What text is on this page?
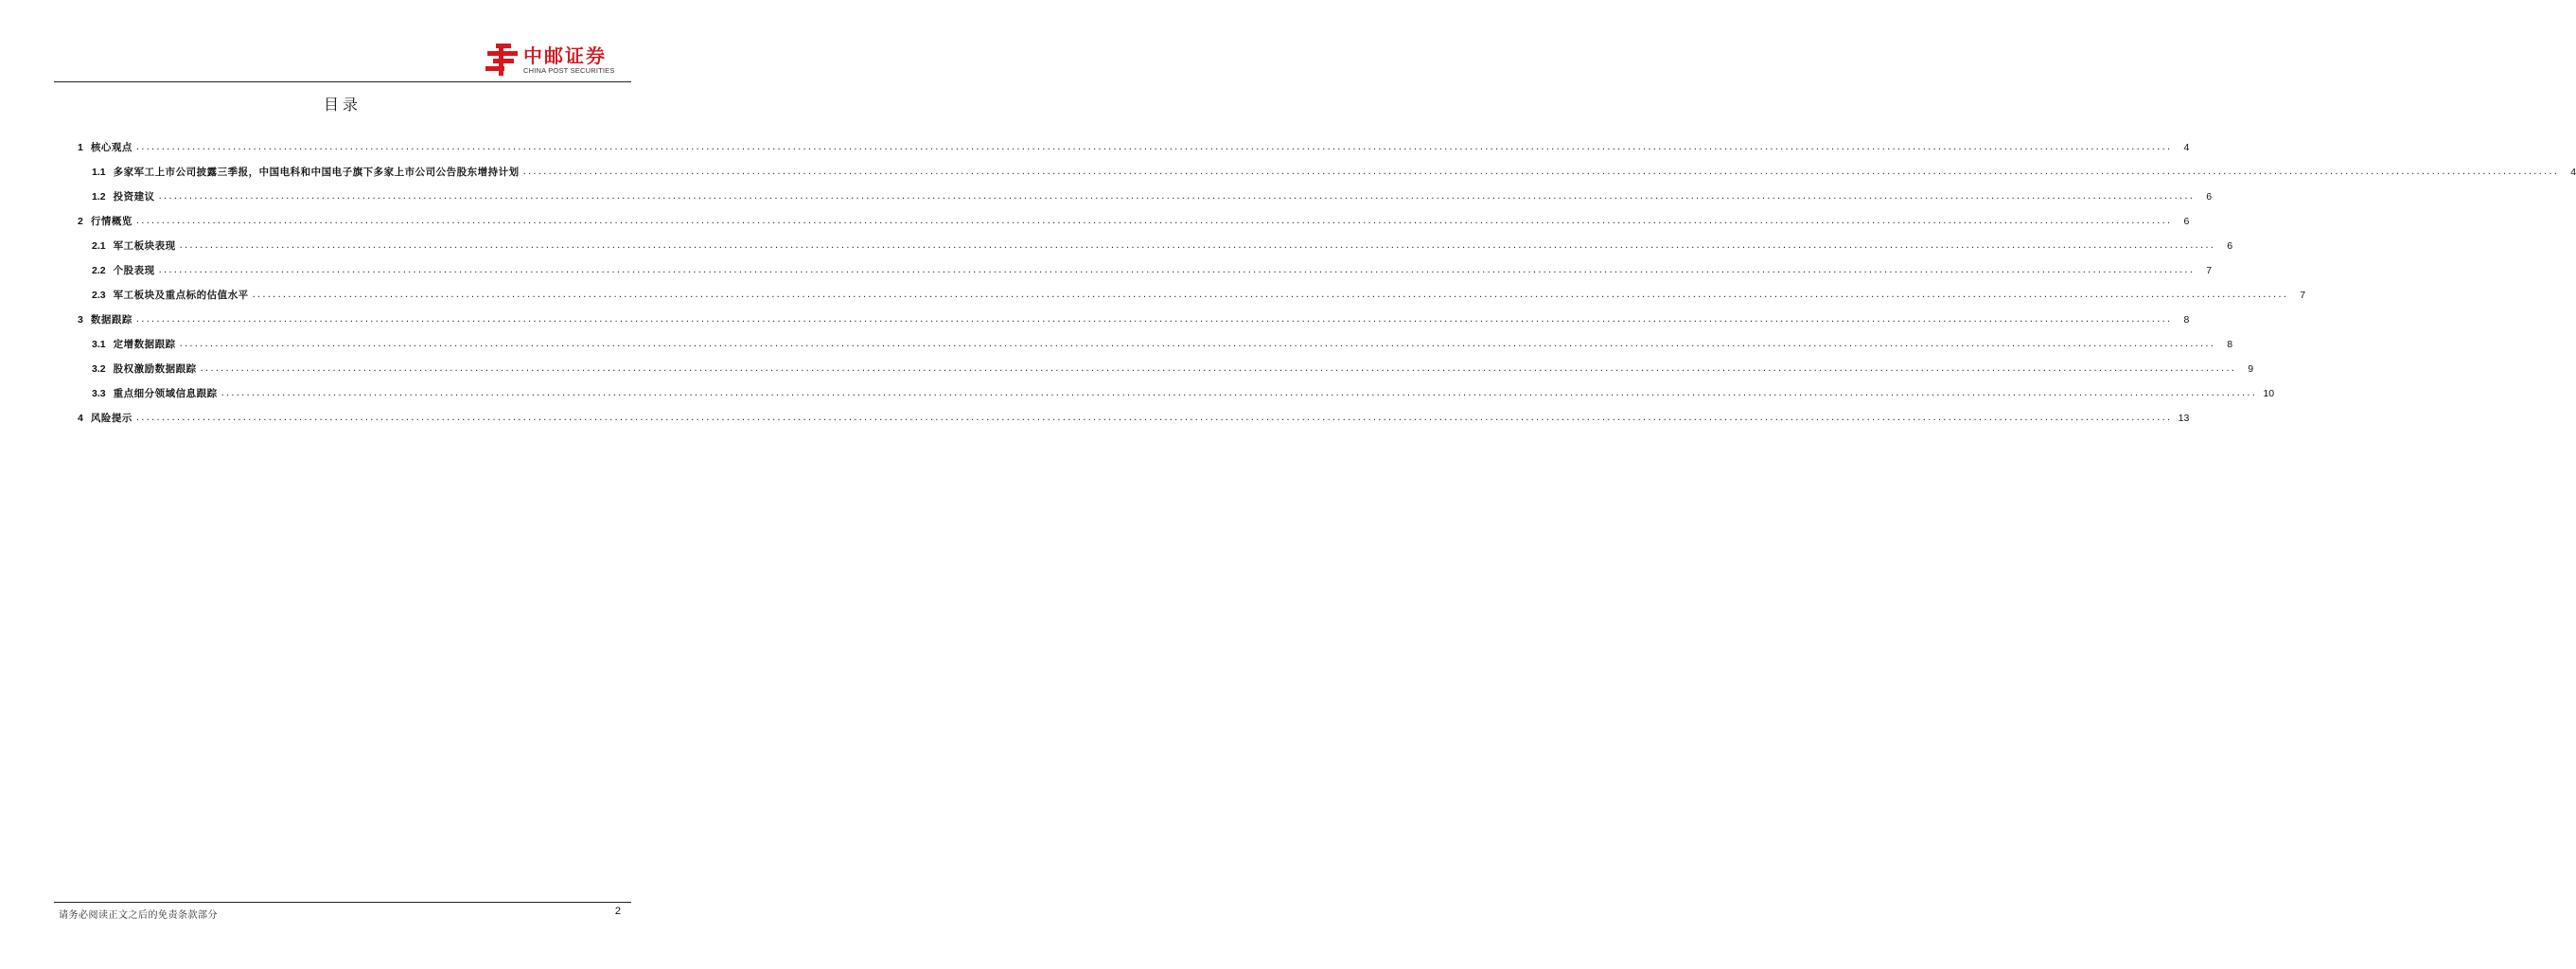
中邮证券
CHINA POST SECURITIES
目录
1 核心观点 ................................................................................................................................................................................................................................................................................................................................................................................................................	4
1.1 多家军工上市公司披露三季报，中国电科和中国电子旗下多家上市公司公告股东增持计划 ................................................................................................................................................................................................................................................................................................................................................................................................................	4
1.2 投资建议 ................................................................................................................................................................................................................................................................................................................................................................................................................	6
2 行情概览 ................................................................................................................................................................................................................................................................................................................................................................................................................	6
2.1 军工板块表现 ................................................................................................................................................................................................................................................................................................................................................................................................................	6
2.2 个股表现 ................................................................................................................................................................................................................................................................................................................................................................................................................	7
2.3 军工板块及重点标的估值水平 ................................................................................................................................................................................................................................................................................................................................................................................................................	7
3 数据跟踪 ................................................................................................................................................................................................................................................................................................................................................................................................................	8
3.1 定增数据跟踪 ................................................................................................................................................................................................................................................................................................................................................................................................................	8
3.2 股权激励数据跟踪 ................................................................................................................................................................................................................................................................................................................................................................................................................	9
3.3 重点细分领域信息跟踪 ................................................................................................................................................................................................................................................................................................................................................................................................................ 10
4 风险提示 ................................................................................................................................................................................................................................................................................................................................................................................................................ 13
请务必阅读正文之后的免责条款部分	2
